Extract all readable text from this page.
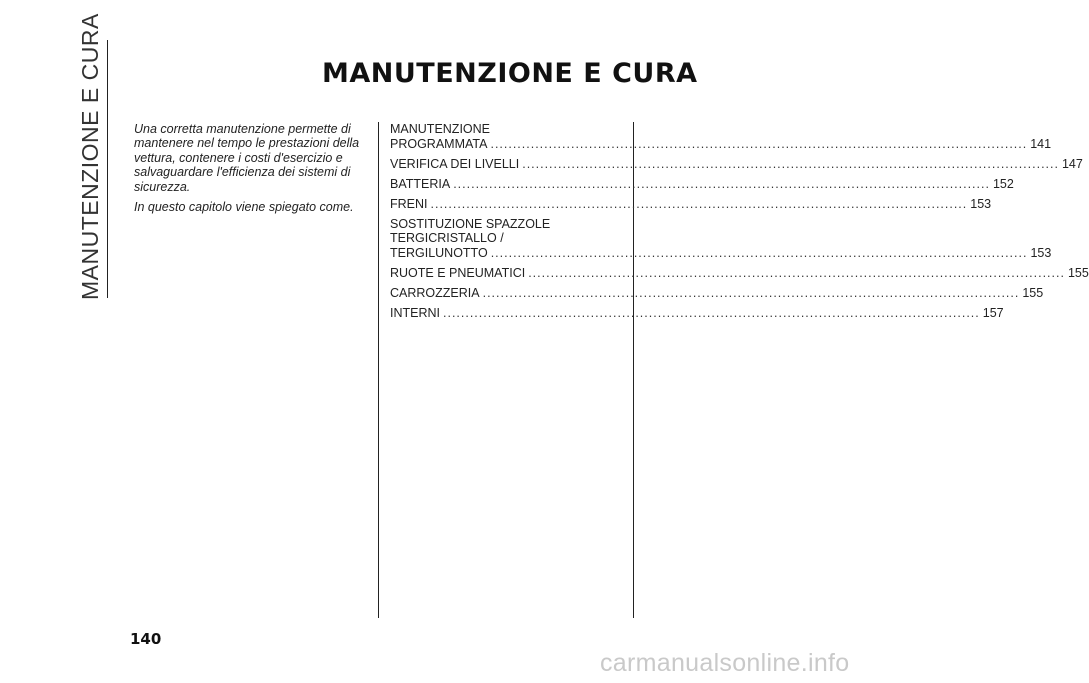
MANUTENZIONE E CURA	MANUTENZIONE E CURA

Una corretta manutenzione permette di mantenere nel tempo le prestazioni della vettura, contenere i costi d'esercizio e salvaguardare l'efficienza dei sistemi di sicurezza.

In questo capitolo viene spiegato come.

MANUTENZIONE
PROGRAMMATA ........................................................................................................................ 141
VERIFICA DEI LIVELLI ........................................................................................................................ 147
BATTERIA ........................................................................................................................ 152
FRENI ........................................................................................................................ 153
SOSTITUZIONE SPAZZOLE
TERGICRISTALLO /
TERGILUNOTTO ........................................................................................................................ 153
RUOTE E PNEUMATICI ........................................................................................................................ 155
CARROZZERIA ........................................................................................................................ 155
INTERNI ........................................................................................................................ 157
140
carmanualsonline.info
